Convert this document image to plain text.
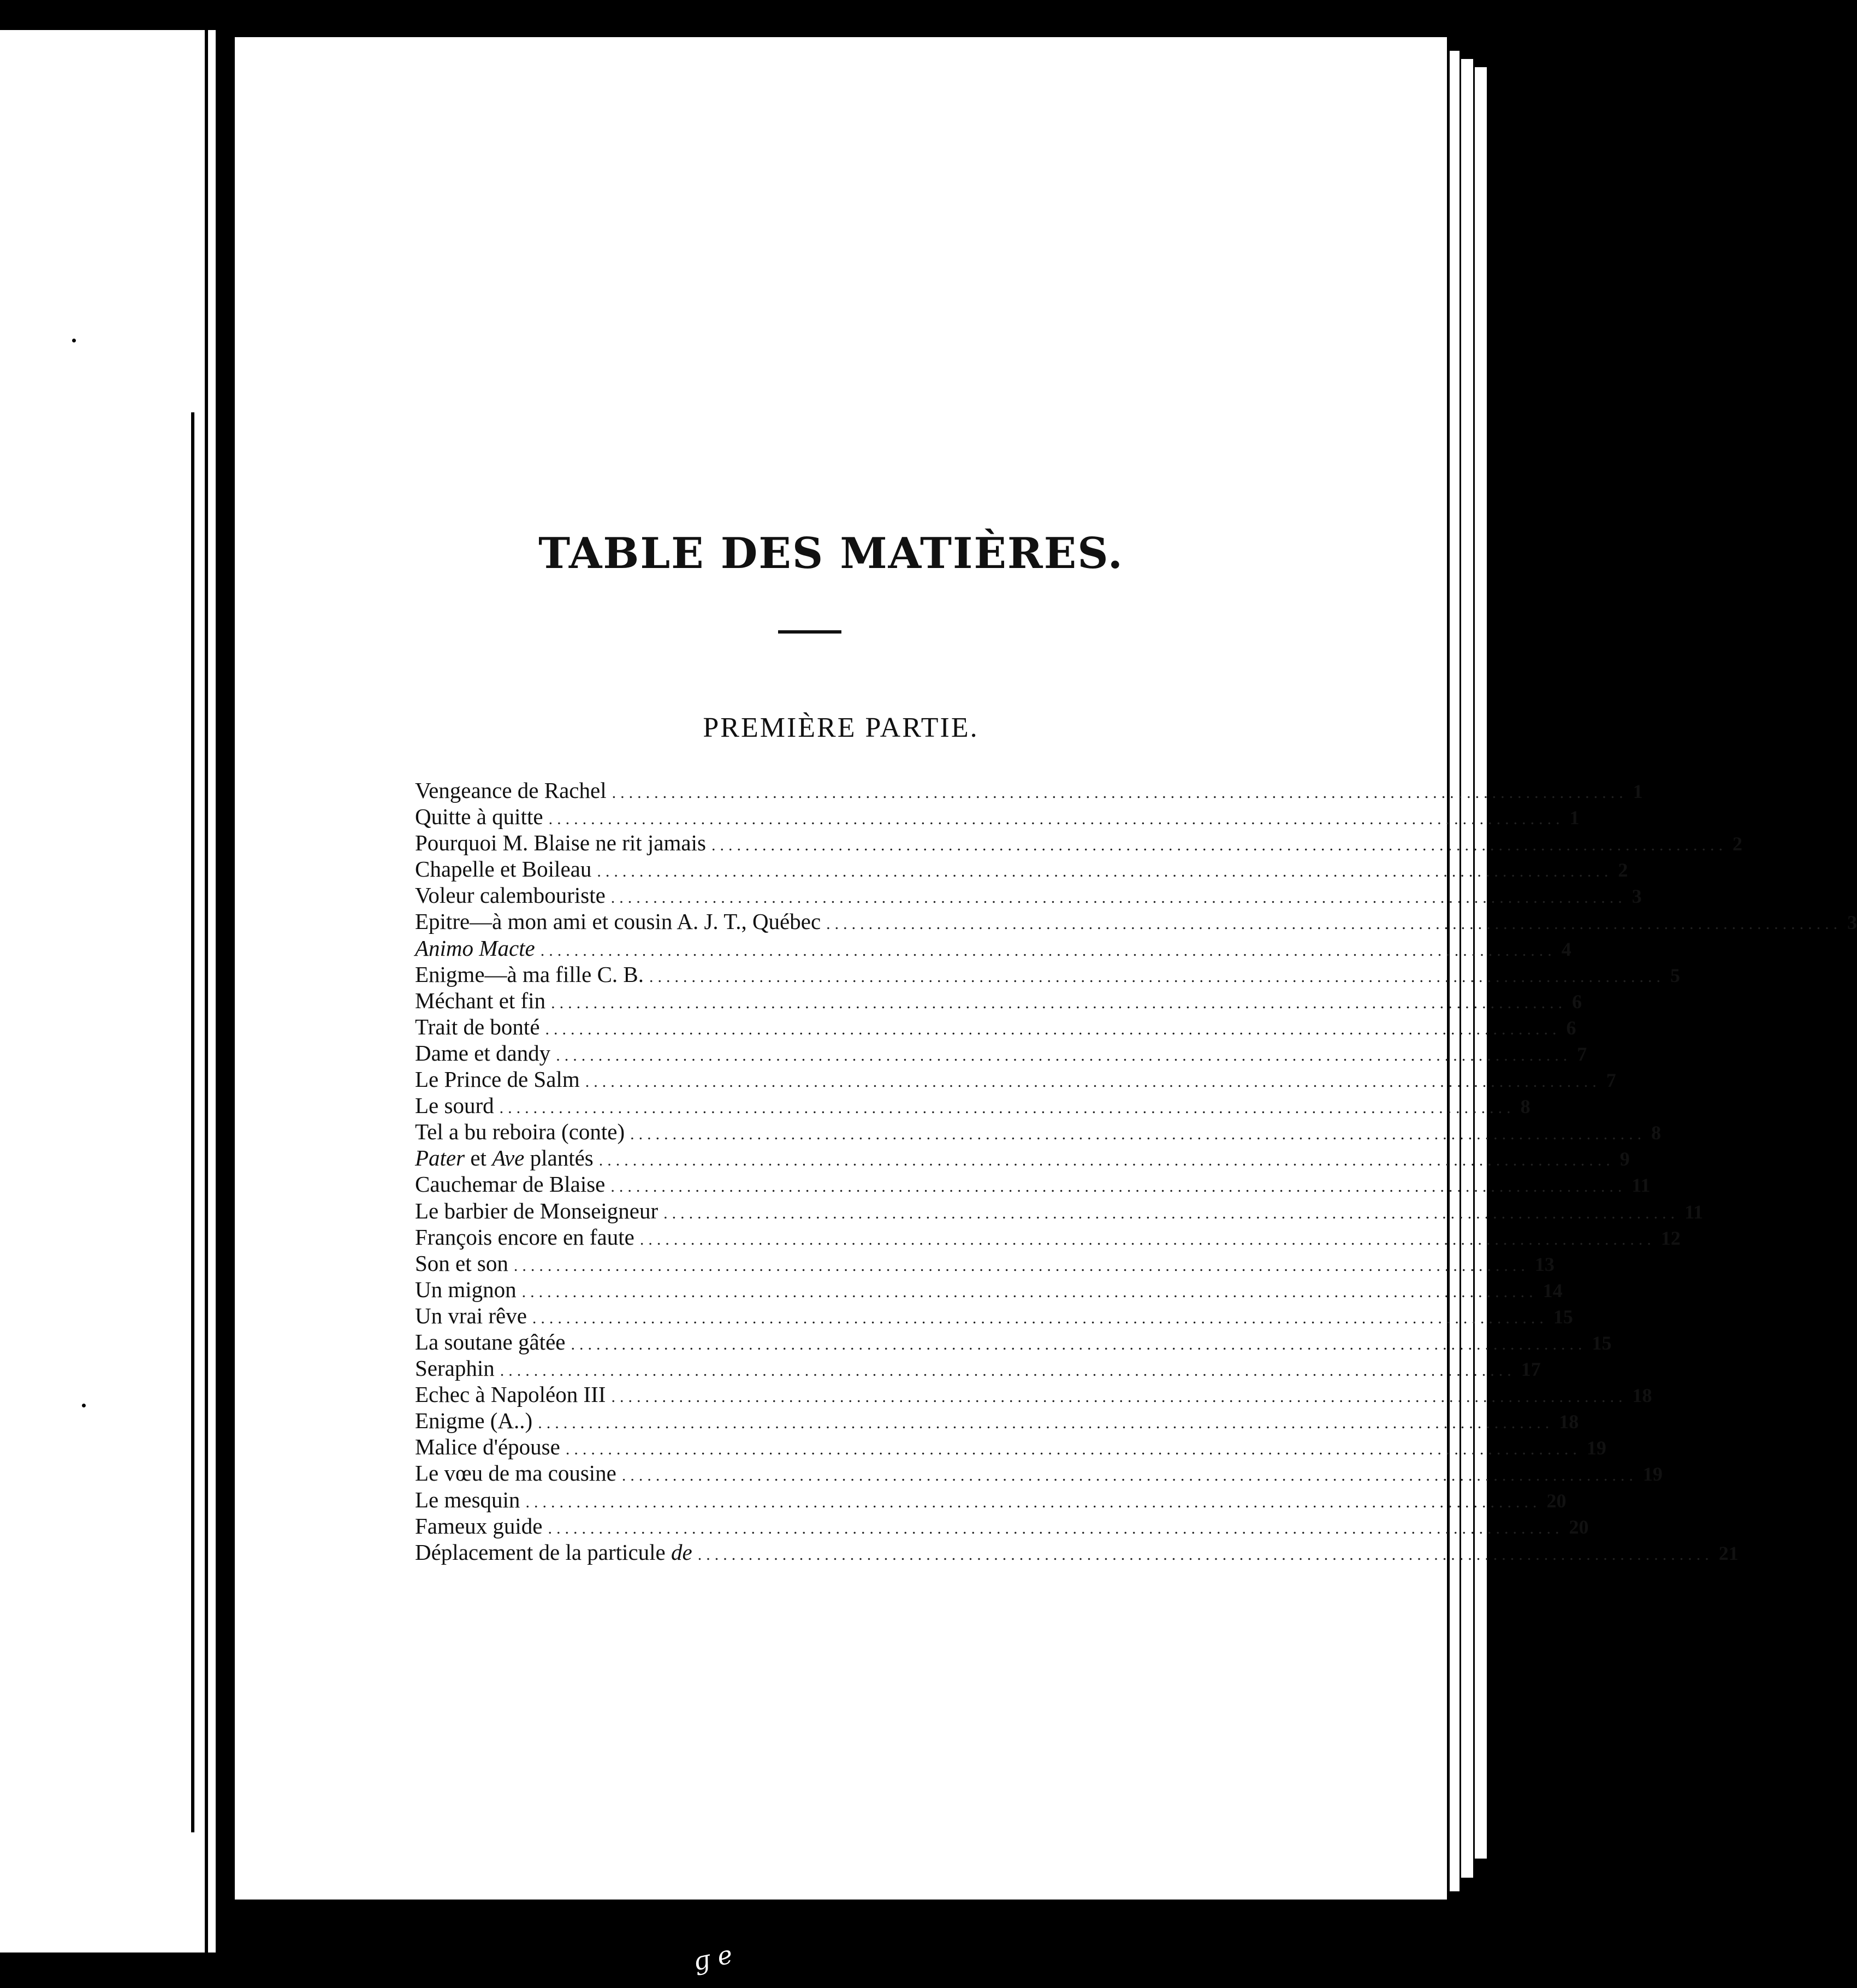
TABLE DES MATIÈRES.
PREMIÈRE PARTIE.
Vengeance de Rachel ........................................................................................................................ 1
Quitte à quitte ........................................................................................................................ 1
Pourquoi M. Blaise ne rit jamais ........................................................................................................................ 2
Chapelle et Boileau ........................................................................................................................ 2
Voleur calembouriste ........................................................................................................................ 3
Epitre—à mon ami et cousin A. J. T., Québec ........................................................................................................................ 3
Animo Macte ........................................................................................................................ 4
Enigme—à ma fille C. B. ........................................................................................................................ 5
Méchant et fin ........................................................................................................................ 6
Trait de bonté ........................................................................................................................ 6
Dame et dandy ........................................................................................................................ 7
Le Prince de Salm ........................................................................................................................ 7
Le sourd ........................................................................................................................ 8
Tel a bu reboira (conte) ........................................................................................................................ 8
Pater et Ave plantés ........................................................................................................................ 9
Cauchemar de Blaise ........................................................................................................................ 11
Le barbier de Monseigneur ........................................................................................................................ 11
François encore en faute ........................................................................................................................ 12
Son et son ........................................................................................................................ 13
Un mignon ........................................................................................................................ 14
Un vrai rêve ........................................................................................................................ 15
La soutane gâtée ........................................................................................................................ 15
Seraphin ........................................................................................................................ 17
Echec à Napoléon III ........................................................................................................................ 18
Enigme (A..) ........................................................................................................................ 18
Malice d'épouse ........................................................................................................................ 19
Le vœu de ma cousine ........................................................................................................................ 19
Le mesquin ........................................................................................................................ 20
Fameux guide ........................................................................................................................ 20
Déplacement de la particule de ........................................................................................................................ 21
ɡ e
